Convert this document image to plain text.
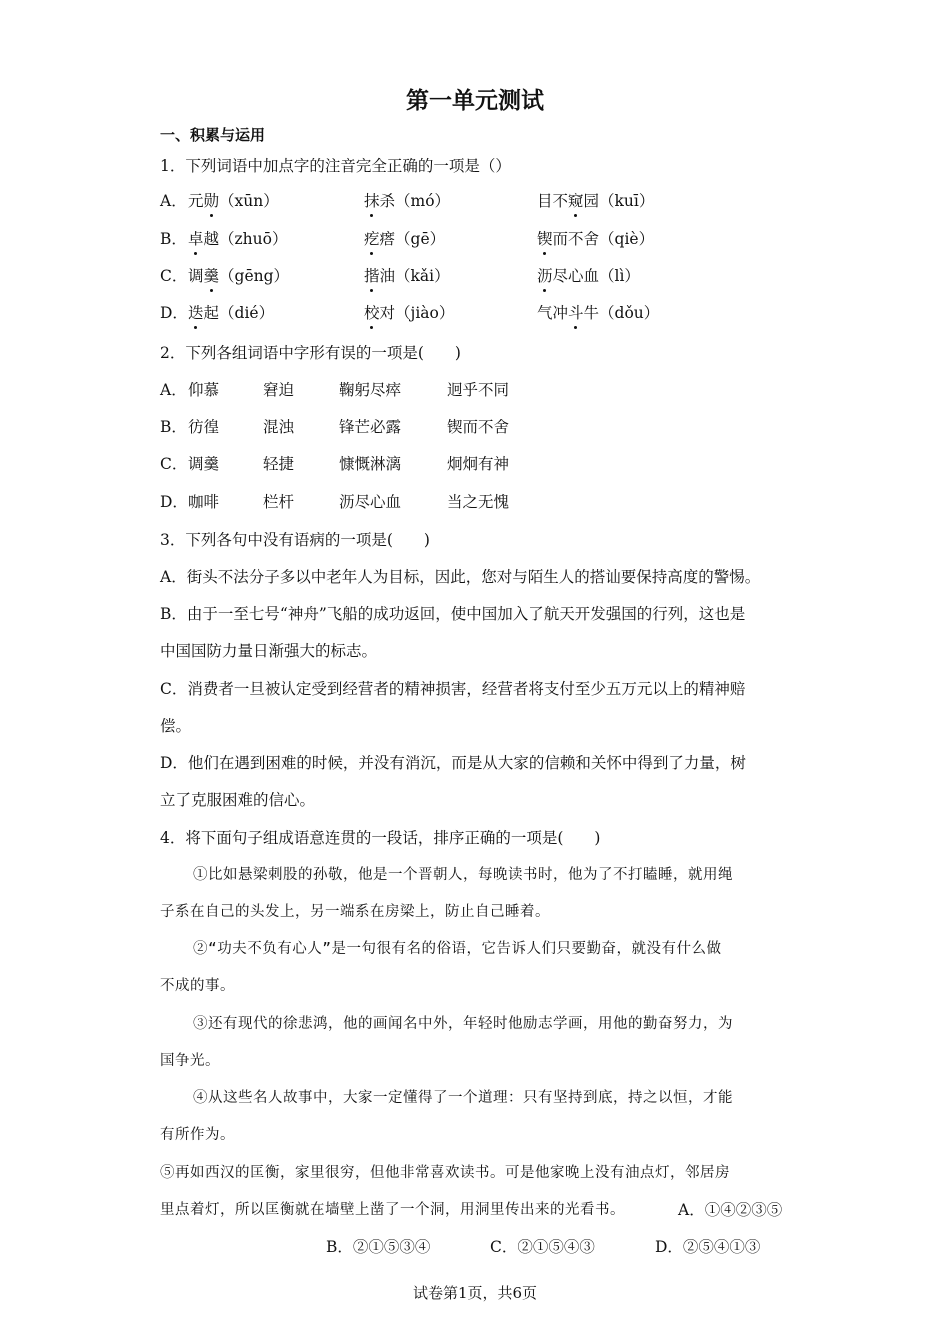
第一单元测试
一、积累与运用
1．下列词语中加点字的注音完全正确的一项是（）
A． 元勋（xūn）	抹杀（mó）	目不窥园（kuī）
B． 卓越（zhuō）	疙瘩（gē）	锲而不舍（qiè）
C． 调羹（gēng）	揩油（kǎi）	沥尽心血（lì）
D． 迭起（dié）	校对（jiào）	气冲斗牛（dǒu）
2．下列各组词语中字形有误的一项是(　　)
A． 仰慕	窘迫	鞠躬尽瘁	迥乎不同
B． 彷徨	混浊	锋芒必露	锲而不舍
C． 调羹	轻捷	慷慨淋漓	炯炯有神
D． 咖啡	栏杆	沥尽心血	当之无愧
3．下列各句中没有语病的一项是(　　)
A．街头不法分子多以中老年人为目标，因此，您对与陌生人的搭讪要保持高度的警惕。
B．由于一至七号“神舟”飞船的成功返回，使中国加入了航天开发强国的行列，这也是
中国国防力量日渐强大的标志。
C．消费者一旦被认定受到经营者的精神损害，经营者将支付至少五万元以上的精神赔
偿。
D．他们在遇到困难的时候，并没有消沉，而是从大家的信赖和关怀中得到了力量，树
立了克服困难的信心。
4．将下面句子组成语意连贯的一段话，排序正确的一项是(　　)
①比如悬梁刺股的孙敬，他是一个晋朝人，每晚读书时，他为了不打瞌睡，就用绳
子系在自己的头发上，另一端系在房梁上，防止自己睡着。
②“功夫不负有心人”是一句很有名的俗语，它告诉人们只要勤奋，就没有什么做
不成的事。
③还有现代的徐悲鸿，他的画闻名中外，年轻时他励志学画，用他的勤奋努力，为
国争光。
④从这些名人故事中，大家一定懂得了一个道理：只有坚持到底，持之以恒，才能
有所作为。
⑤再如西汉的匡衡，家里很穷，但他非常喜欢读书。可是他家晚上没有油点灯，邻居房
里点着灯，所以匡衡就在墙壁上凿了一个洞，用洞里传出来的光看书。	A．①④②③⑤
B．②①⑤③④	C．②①⑤④③	D．②⑤④①③
试卷第1页，共6页
